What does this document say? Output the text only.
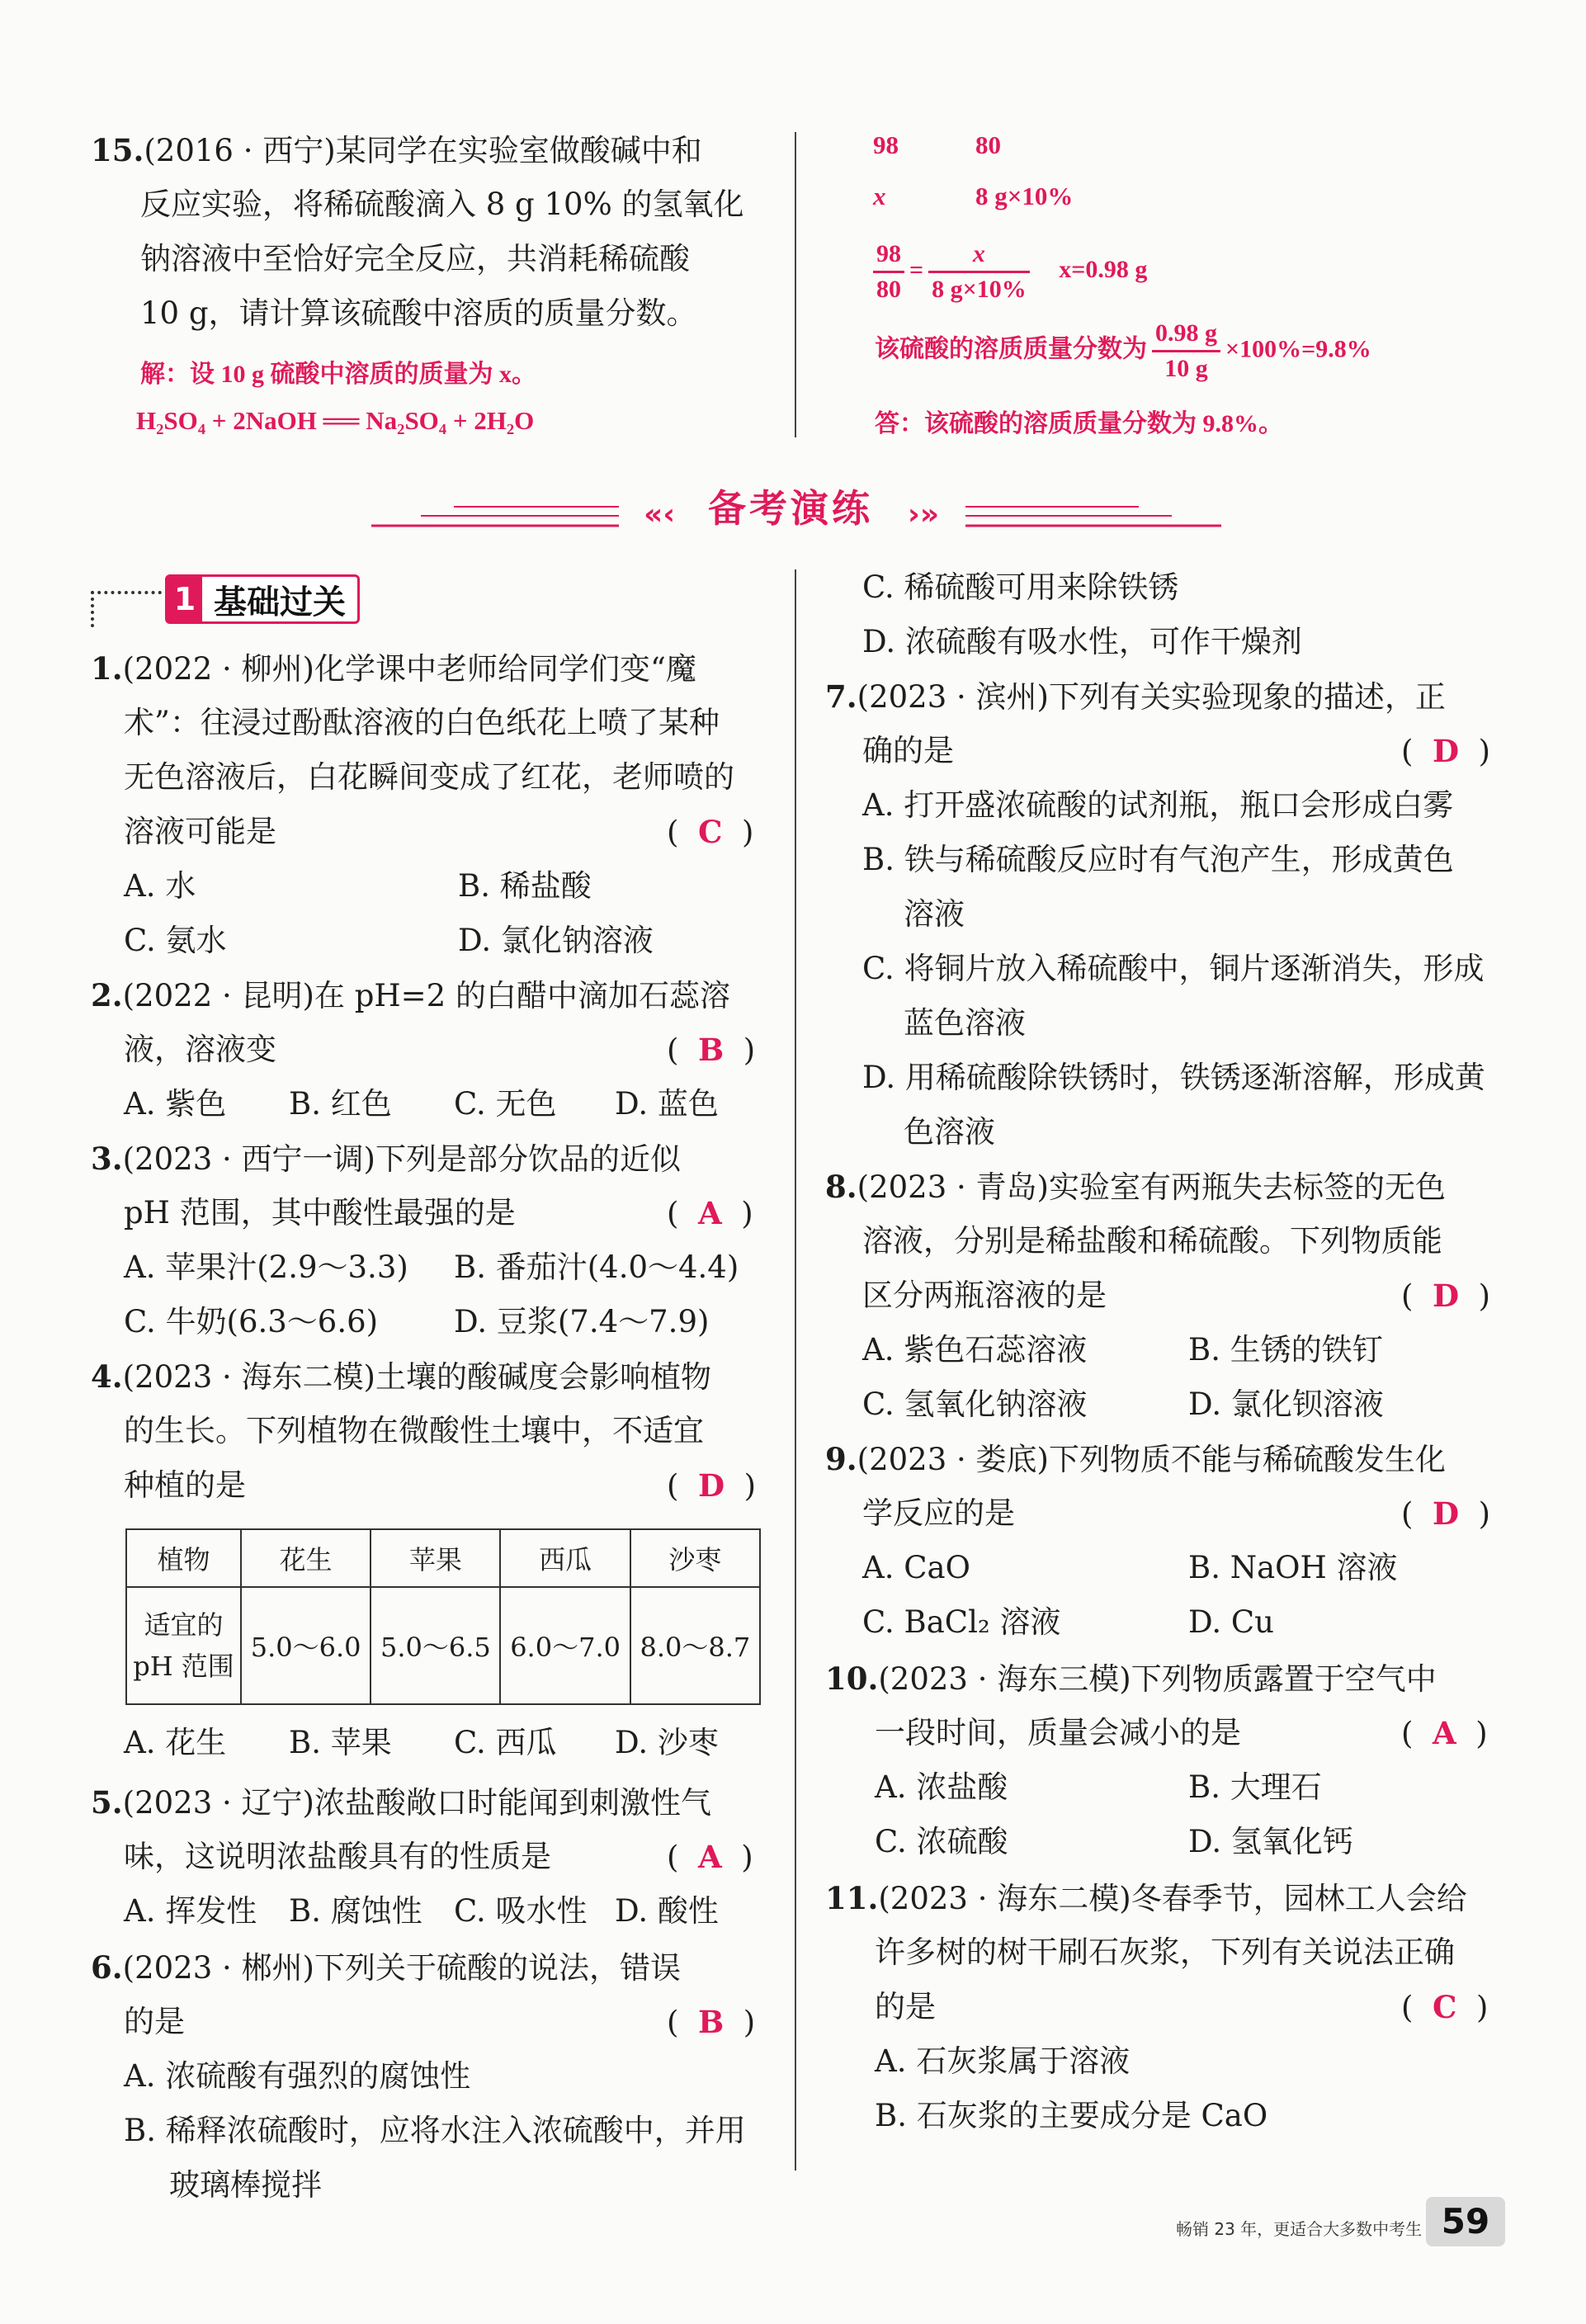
15.(2016 · 西宁)某同学在实验室做酸碱中和
反应实验，将稀硫酸滴入 8 g 10% 的氢氧化
钠溶液中至恰好完全反应，共消耗稀硫酸
10 g，请计算该硫酸中溶质的质量分数。
解：设 10 g 硫酸中溶质的质量为 x。
H₂SO₄ + 2NaOH ══ Na₂SO₄ + 2H₂O
98	80
x	8 g×10%
$\frac{98}{80} = \frac{x}{8 g\times 10\%} x=0.98$ g
该硫酸的溶质质量分数为 $\frac{0.98 g}{10 g} \times 100\%=9.8\%$
答：该硫酸的溶质质量分数为 9.8%。
«‹	›»
备考演练
1 基础过关
1.(2022 · 柳州)化学课中老师给同学们变“魔
术”：往浸过酚酞溶液的白色纸花上喷了某种
无色溶液后，白花瞬间变成了红花，老师喷的
溶液可能是	(  C  )
A. 水	B. 稀盐酸
C. 氨水	D. 氯化钠溶液
2.(2022 · 昆明)在 pH=2 的白醋中滴加石蕊溶
液，溶液变	(  B  )
A. 紫色 B. 红色 C. 无色 D. 蓝色
3.(2023 · 西宁一调)下列是部分饮品的近似
pH 范围，其中酸性最强的是	(  A  )
A. 苹果汁(2.9～3.3) B. 番茄汁(4.0～4.4)
C. 牛奶(6.3～6.6) D. 豆浆(7.4～7.9)
4.(2023 · 海东二模)土壤的酸碱度会影响植物
的生长。下列植物在微酸性土壤中，不适宜
种植的是	(  D  )
植物	花生	苹果	西瓜	沙枣
适宜的
pH 范围	5.0～6.0	5.0～6.5	6.0～7.0	8.0～8.7
A. 花生 B. 苹果 C. 西瓜 D. 沙枣
5.(2023 · 辽宁)浓盐酸敞口时能闻到刺激性气
味，这说明浓盐酸具有的性质是	(  A  )
A. 挥发性 B. 腐蚀性 C. 吸水性 D. 酸性
6.(2023 · 郴州)下列关于硫酸的说法，错误
的是	(  B  )
A. 浓硫酸有强烈的腐蚀性
B. 稀释浓硫酸时，应将水注入浓硫酸中，并用
玻璃棒搅拌
C. 稀硫酸可用来除铁锈
D. 浓硫酸有吸水性，可作干燥剂
7.(2023 · 滨州)下列有关实验现象的描述，正
确的是	(  D  )
A. 打开盛浓硫酸的试剂瓶，瓶口会形成白雾
B. 铁与稀硫酸反应时有气泡产生，形成黄色
溶液
C. 将铜片放入稀硫酸中，铜片逐渐消失，形成
蓝色溶液
D. 用稀硫酸除铁锈时，铁锈逐渐溶解，形成黄
色溶液
8.(2023 · 青岛)实验室有两瓶失去标签的无色
溶液，分别是稀盐酸和稀硫酸。下列物质能
区分两瓶溶液的是	(  D  )
A. 紫色石蕊溶液	B. 生锈的铁钉
C. 氢氧化钠溶液	D. 氯化钡溶液
9.(2023 · 娄底)下列物质不能与稀硫酸发生化
学反应的是	(  D  )
A. CaO	B. NaOH 溶液
C. BaCl₂ 溶液	D. Cu
10.(2023 · 海东三模)下列物质露置于空气中
一段时间，质量会减小的是	(  A  )
A. 浓盐酸	B. 大理石
C. 浓硫酸	D. 氢氧化钙
11.(2023 · 海东二模)冬春季节，园林工人会给
许多树的树干刷石灰浆，下列有关说法正确
的是	(  C  )
A. 石灰浆属于溶液
B. 石灰浆的主要成分是 CaO
畅销 23 年，更适合大多数中考生 59
